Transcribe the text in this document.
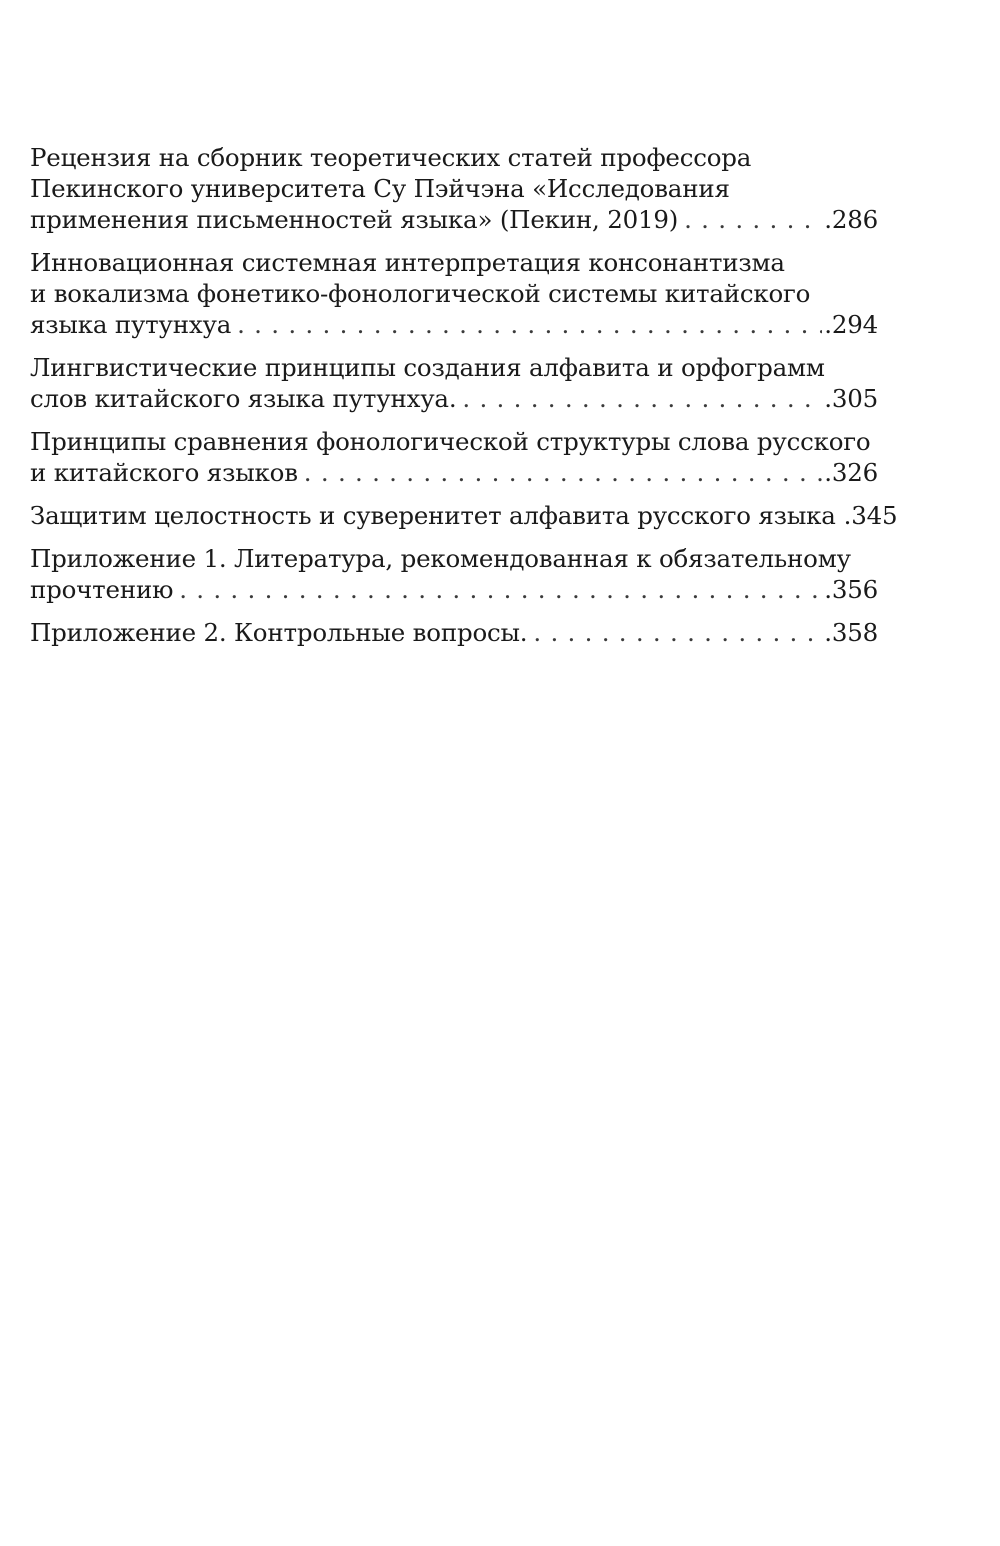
Рецензия на сборник теоретических статей профессора
Пекинского университета Су Пэйчэна «Исследования
применения письменностей языка» (Пекин, 2019) . . .	.286
Инновационная системная интерпретация консонантизма
и вокализма фонетико-фонологической системы китайского
языка путунхуа . . .	.294
Лингвистические принципы создания алфавита и орфограмм
слов китайского языка путунхуа. . . .	.305
Принципы сравнения фонологической структуры слова русского
и китайского языков . . .	.326
Защитим целостность и суверенитет алфавита русского языка .345
Приложение 1. Литература, рекомендованная к обязательному
прочтению . . .	.356
Приложение 2. Контрольные вопросы. . . .	.358
